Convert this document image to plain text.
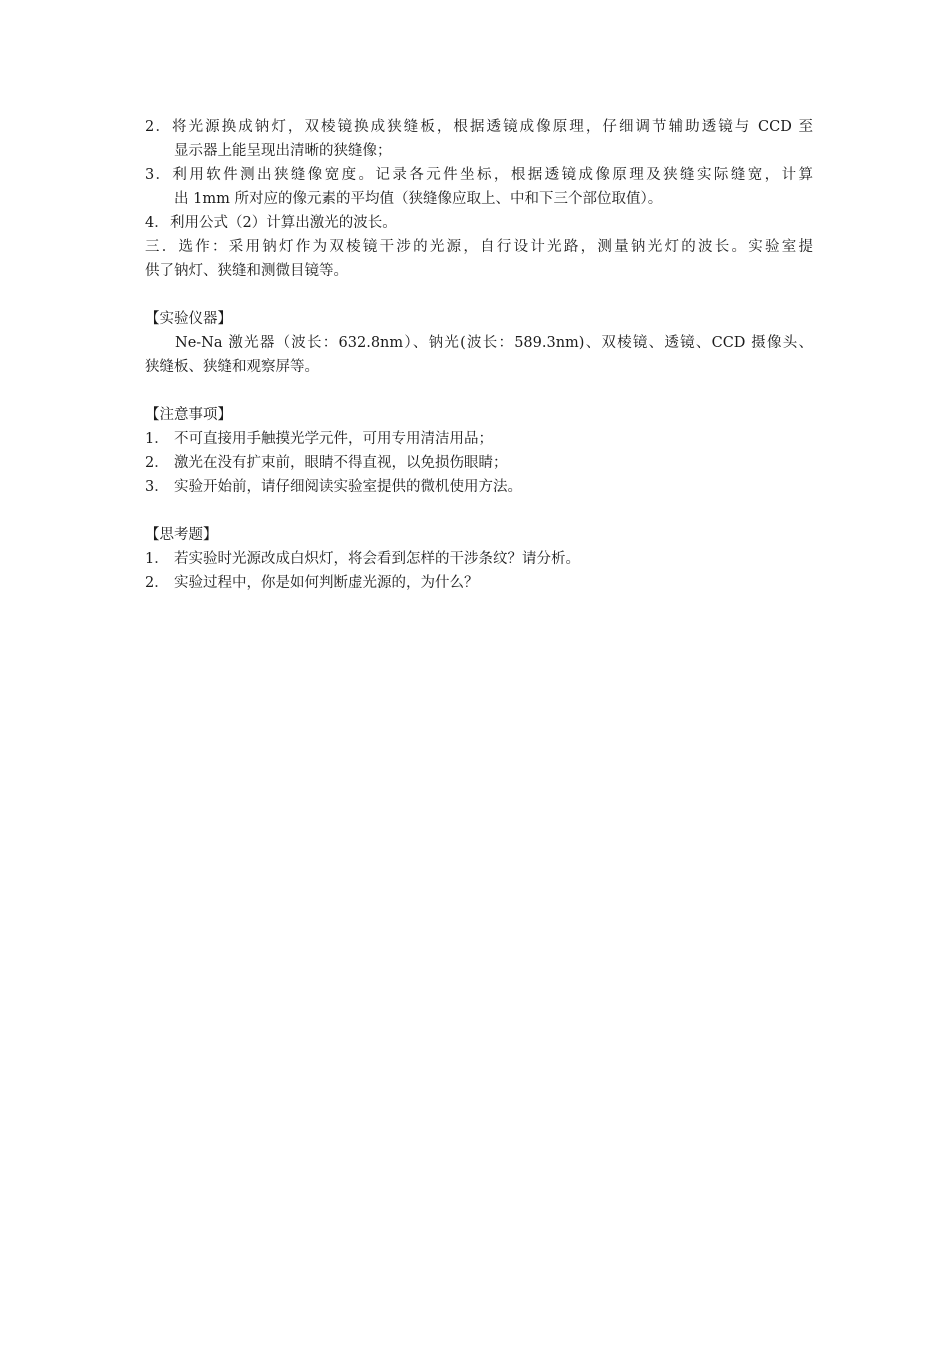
2．将光源换成钠灯，双棱镜换成狭缝板，根据透镜成像原理，仔细调节辅助透镜与 CCD 至

显示器上能呈现出清晰的狭缝像；

3．利用软件测出狭缝像宽度。记录各元件坐标，根据透镜成像原理及狭缝实际缝宽，计算

出 1mm 所对应的像元素的平均值（狭缝像应取上、中和下三个部位取值）。

4．利用公式（2）计算出激光的波长。

三．选作：采用钠灯作为双棱镜干涉的光源，自行设计光路，测量钠光灯的波长。实验室提

供了钠灯、狭缝和测微目镜等。

【实验仪器】

Ne-Na 激光器（波长：632.8nm）、钠光(波长：589.3nm)、双棱镜、透镜、CCD 摄像头、

狭缝板、狭缝和观察屏等。

【注意事项】

1． 不可直接用手触摸光学元件，可用专用清洁用品；

2． 激光在没有扩束前，眼睛不得直视，以免损伤眼睛；

3． 实验开始前，请仔细阅读实验室提供的微机使用方法。

【思考题】

1． 若实验时光源改成白炽灯，将会看到怎样的干涉条纹？请分析。

2． 实验过程中，你是如何判断虚光源的，为什么？
